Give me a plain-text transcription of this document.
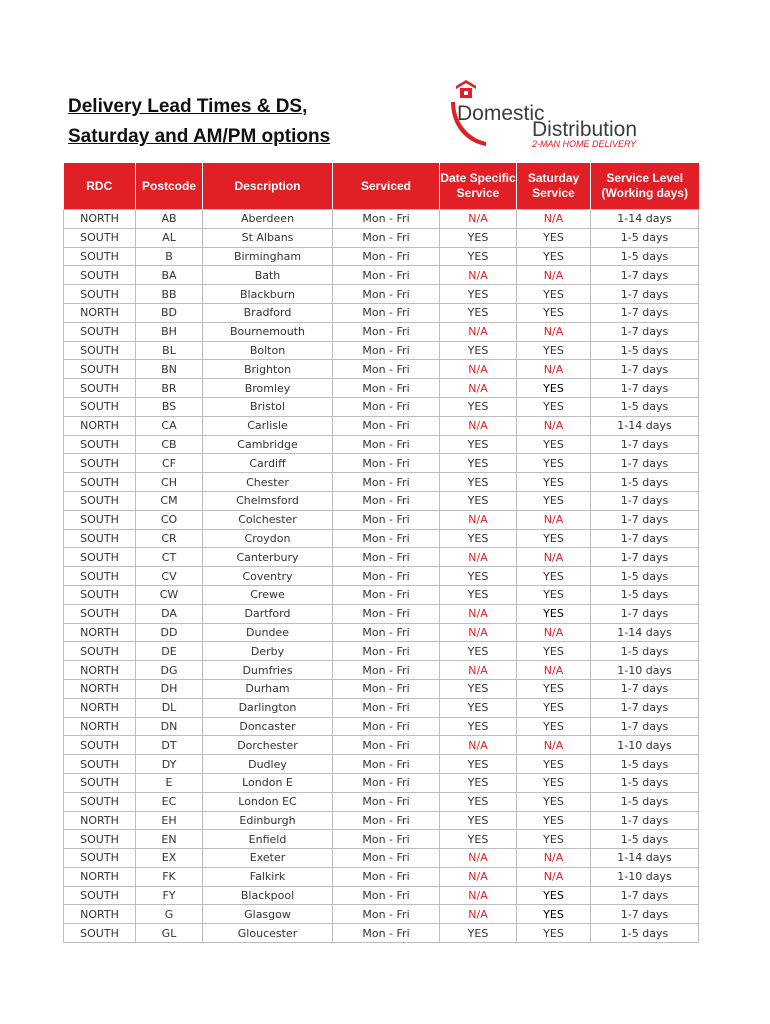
Delivery Lead Times & DS,
Saturday and AM/PM options
Domestic
Distribution
2-MAN HOME DELIVERY
RDC	Postcode	Description	Serviced	Date Specific Service	Saturday Service	Service Level (Working days)
NORTH	AB	Aberdeen	Mon - Fri	N/A	N/A	1-14 days
SOUTH	AL	St Albans	Mon - Fri	YES	YES	1-5 days
SOUTH	B	Birmingham	Mon - Fri	YES	YES	1-5 days
SOUTH	BA	Bath	Mon - Fri	N/A	N/A	1-7 days
SOUTH	BB	Blackburn	Mon - Fri	YES	YES	1-7 days
NORTH	BD	Bradford	Mon - Fri	YES	YES	1-7 days
SOUTH	BH	Bournemouth	Mon - Fri	N/A	N/A	1-7 days
SOUTH	BL	Bolton	Mon - Fri	YES	YES	1-5 days
SOUTH	BN	Brighton	Mon - Fri	N/A	N/A	1-7 days
SOUTH	BR	Bromley	Mon - Fri	N/A	YES	1-7 days
SOUTH	BS	Bristol	Mon - Fri	YES	YES	1-5 days
NORTH	CA	Carlisle	Mon - Fri	N/A	N/A	1-14 days
SOUTH	CB	Cambridge	Mon - Fri	YES	YES	1-7 days
SOUTH	CF	Cardiff	Mon - Fri	YES	YES	1-7 days
SOUTH	CH	Chester	Mon - Fri	YES	YES	1-5 days
SOUTH	CM	Chelmsford	Mon - Fri	YES	YES	1-7 days
SOUTH	CO	Colchester	Mon - Fri	N/A	N/A	1-7 days
SOUTH	CR	Croydon	Mon - Fri	YES	YES	1-7 days
SOUTH	CT	Canterbury	Mon - Fri	N/A	N/A	1-7 days
SOUTH	CV	Coventry	Mon - Fri	YES	YES	1-5 days
SOUTH	CW	Crewe	Mon - Fri	YES	YES	1-5 days
SOUTH	DA	Dartford	Mon - Fri	N/A	YES	1-7 days
NORTH	DD	Dundee	Mon - Fri	N/A	N/A	1-14 days
SOUTH	DE	Derby	Mon - Fri	YES	YES	1-5 days
NORTH	DG	Dumfries	Mon - Fri	N/A	N/A	1-10 days
NORTH	DH	Durham	Mon - Fri	YES	YES	1-7 days
NORTH	DL	Darlington	Mon - Fri	YES	YES	1-7 days
NORTH	DN	Doncaster	Mon - Fri	YES	YES	1-7 days
SOUTH	DT	Dorchester	Mon - Fri	N/A	N/A	1-10 days
SOUTH	DY	Dudley	Mon - Fri	YES	YES	1-5 days
SOUTH	E	London E	Mon - Fri	YES	YES	1-5 days
SOUTH	EC	London EC	Mon - Fri	YES	YES	1-5 days
NORTH	EH	Edinburgh	Mon - Fri	YES	YES	1-7 days
SOUTH	EN	Enfield	Mon - Fri	YES	YES	1-5 days
SOUTH	EX	Exeter	Mon - Fri	N/A	N/A	1-14 days
NORTH	FK	Falkirk	Mon - Fri	N/A	N/A	1-10 days
SOUTH	FY	Blackpool	Mon - Fri	N/A	YES	1-7 days
NORTH	G	Glasgow	Mon - Fri	N/A	YES	1-7 days
SOUTH	GL	Gloucester	Mon - Fri	YES	YES	1-5 days
